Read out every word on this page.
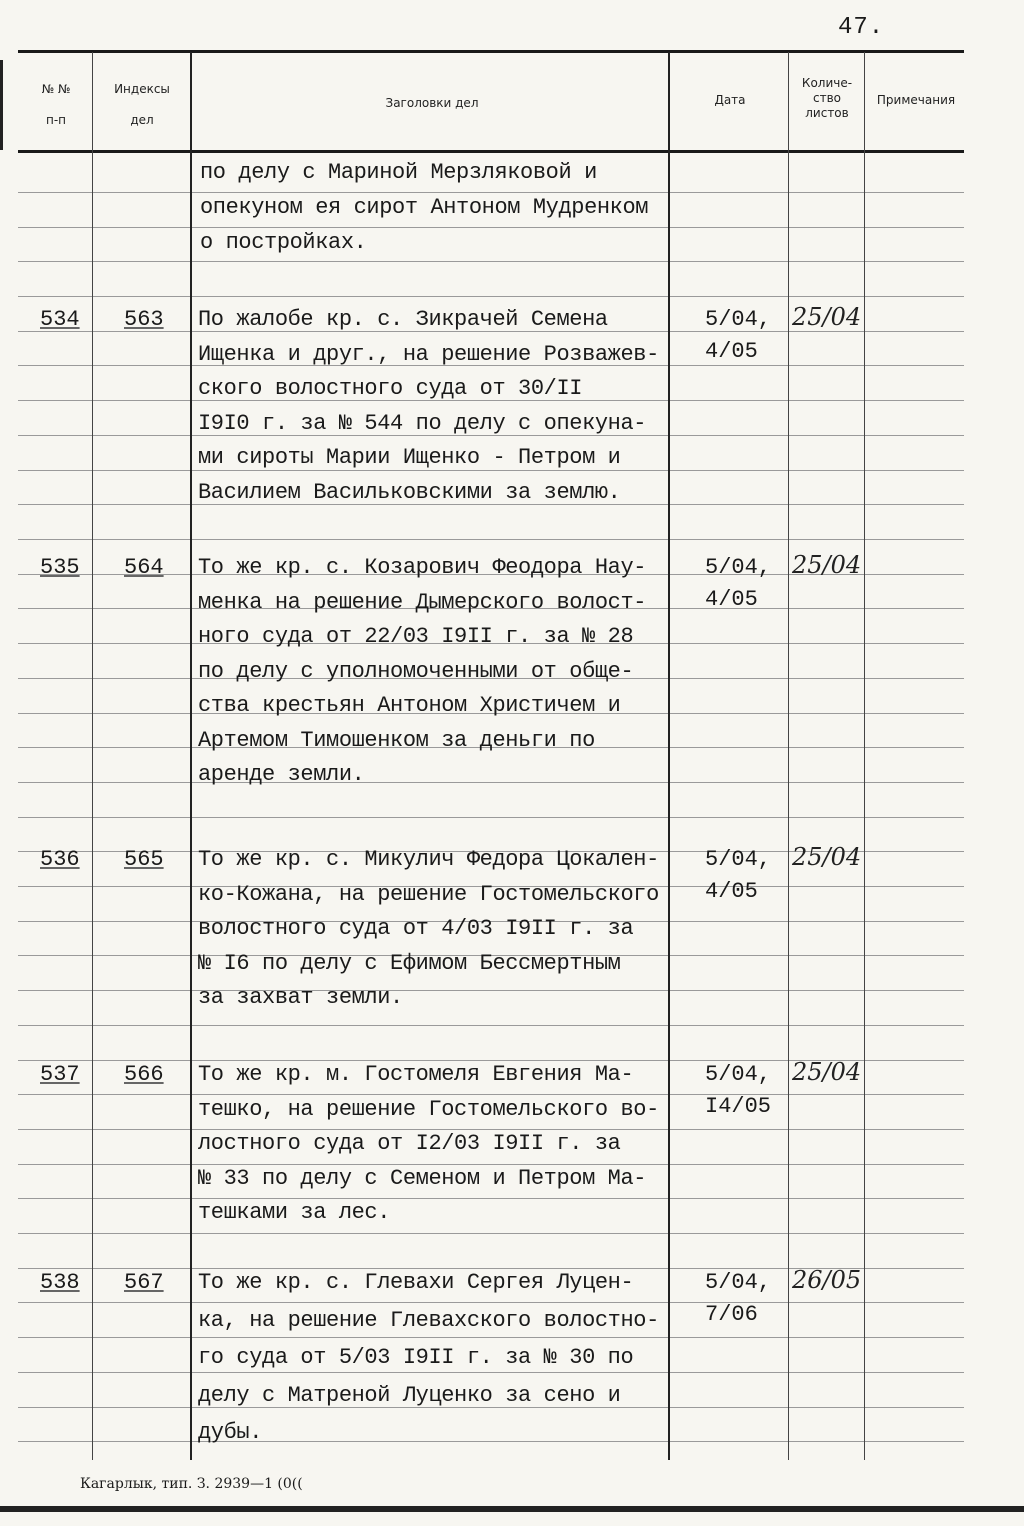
47.
№ №
п-п
Индексы
дел
Заголовки дел	Дата
Количе-
ство
листов
Примечания
по делу с Мариной Мерзляковой и
опекуном ея сирот Антоном Мудренком
о постройках.
534 563 По жалобе кр. с. Зикрачей Семена
Ищенка и друг., на решение Розважев-
ского волостного суда от 30/II
I9I0 г. за № 544 по делу с опекуна-
ми сироты Марии Ищенко - Петром и
Василием Васильковскими за землю.
5/04,
4/05
25/04
535 564 То же кр. с. Козарович Феодора Нау-
менка на решение Дымерского волост-
ного суда от 22/03 I9II г. за № 28
по делу с уполномоченными от обще-
ства крестьян Антоном Христичем и
Артемом Тимошенком за деньги по
аренде земли.
5/04,
4/05
25/04
536 565 То же кр. с. Микулич Федора Цокален-
ко-Кожана, на решение Гостомельского
волостного суда от 4/03 I9II г. за
№ I6 по делу с Ефимом Бессмертным
за захват земли.
5/04,
4/05
25/04
537 566 То же кр. м. Гостомеля Евгения Ма-
тешко, на решение Гостомельского во-
лостного суда от I2/03 I9II г. за
№ 33 по делу с Семеном и Петром Ма-
тешками за лес.
5/04,
I4/05
25/04
538 567 То же кр. с. Глевахи Сергея Луцен-
ка, на решение Глевахского волостно-
го суда от 5/03 I9II г. за № 30 по
делу с Матреной Луценко за сено и
дубы.
5/04,
7/06
26/05
Кагарлык, тип. З. 2939—1 (0((
